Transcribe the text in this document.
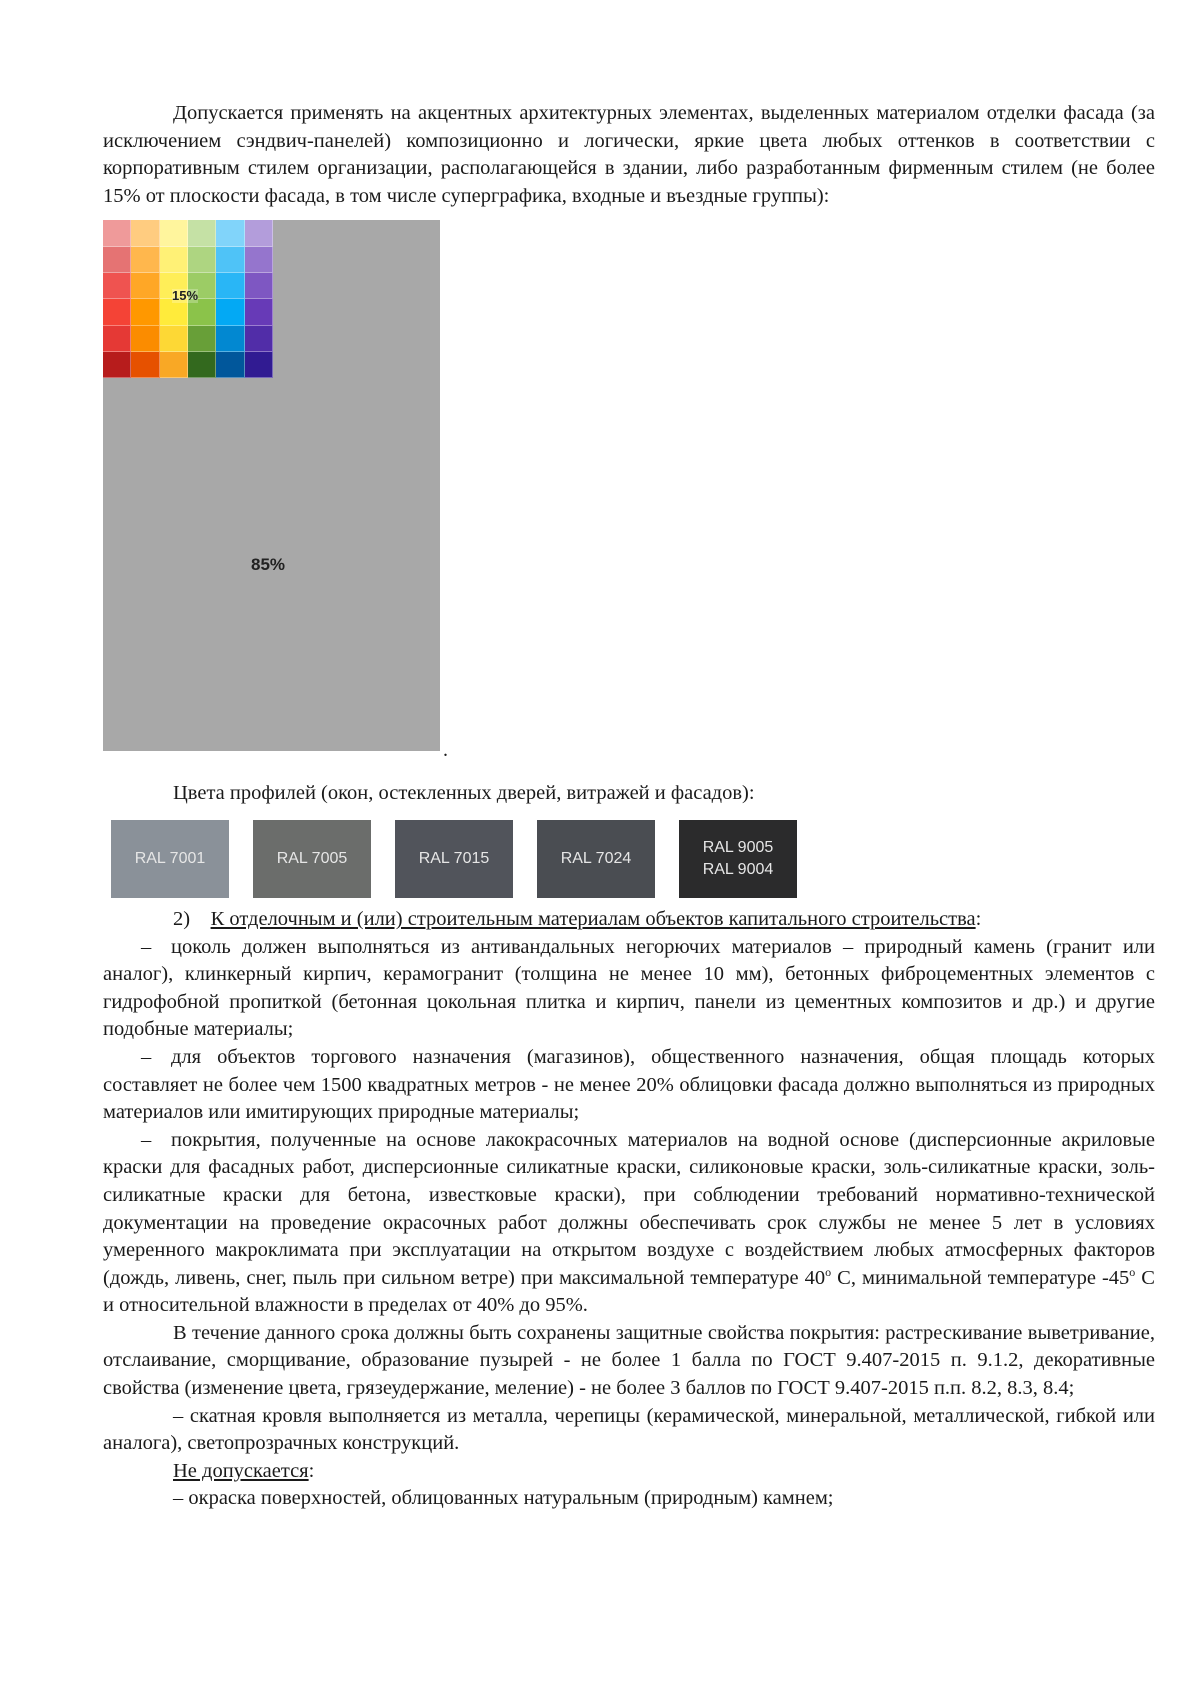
Допускается применять на акцентных архитектурных элементах, выделенных материалом отделки фасада (за исключением сэндвич-панелей) композиционно и логически, яркие цвета любых оттенков в соответствии с корпоративным стилем организации, располагающейся в здании, либо разработанным фирменным стилем (не более 15% от плоскости фасада, в том числе суперграфика, входные и въездные группы):

15%
85%
.

Цвета профилей (окон, остекленных дверей, витражей и фасадов):

RAL 7001	RAL 7005	RAL 7015	RAL 7024
RAL 9005
RAL 9004

2) К отделочным и (или) строительным материалам объектов капитального строительства:

– цоколь должен выполняться из антивандальных негорючих материалов – природный камень (гранит или аналог), клинкерный кирпич, керамогранит (толщина не менее 10 мм), бетонных фиброцементных элементов с гидрофобной пропиткой (бетонная цокольная плитка и кирпич, панели из цементных композитов и др.) и другие подобные материалы;

– для объектов торгового назначения (магазинов), общественного назначения, общая площадь которых составляет не более чем 1500 квадратных метров - не менее 20% облицовки фасада должно выполняться из природных материалов или имитирующих природные материалы;

– покрытия, полученные на основе лакокрасочных материалов на водной основе (дисперсионные акриловые краски для фасадных работ, дисперсионные силикатные краски, силиконовые краски, золь-силикатные краски, золь-силикатные краски для бетона, известковые краски), при соблюдении требований нормативно-технической документации на проведение окрасочных работ должны обеспечивать срок службы не менее 5 лет в условиях умеренного макроклимата при эксплуатации на открытом воздухе с воздействием любых атмосферных факторов (дождь, ливень, снег, пыль при сильном ветре) при максимальной температуре $40^о$ С, минимальной температуре $-45^о$ С и относительной влажности в пределах от 40% до 95%.

В течение данного срока должны быть сохранены защитные свойства покрытия: растрескивание выветривание, отслаивание, сморщивание, образование пузырей - не более 1 балла по ГОСТ 9.407-2015 п. 9.1.2, декоративные свойства (изменение цвета, грязеудержание, меление) - не более 3 баллов по ГОСТ 9.407-2015 п.п. 8.2, 8.3, 8.4;

– скатная кровля выполняется из металла, черепицы (керамической, минеральной, металлической, гибкой или аналога), светопрозрачных конструкций.

Не допускается:

– окраска поверхностей, облицованных натуральным (природным) камнем;
